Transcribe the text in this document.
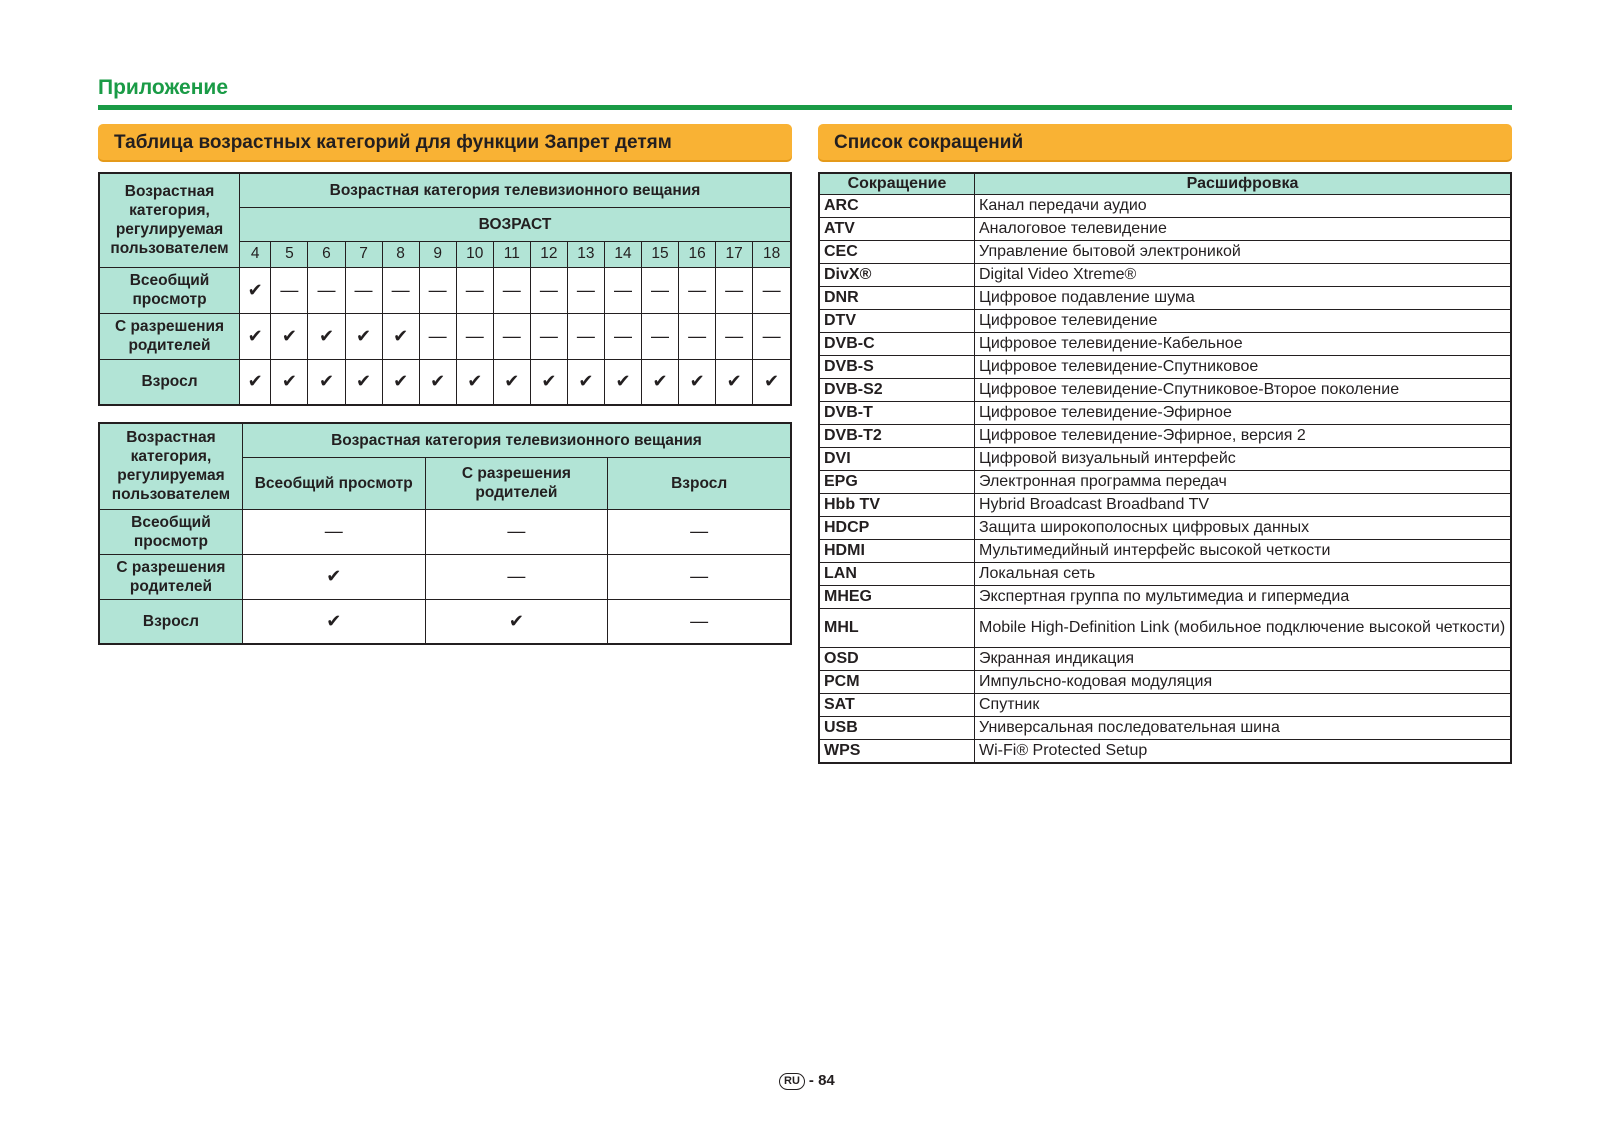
Приложение
Таблица возрастных категорий для функции Запрет детям	Список сокращений
Возрастная категория, регулируемая пользователем	Возрастная категория телевизионного вещания														
	ВОЗРАСТ														
	4	5	6	7	8	9	10	11	12	13	14	15	16	17	18
Всеобщий просмотр	✔	—	—	—	—	—	—	—	—	—	—	—	—	—	—
С разрешения родителей	✔	✔	✔	✔	✔	—	—	—	—	—	—	—	—	—	—
Взросл	✔	✔	✔	✔	✔	✔	✔	✔	✔	✔	✔	✔	✔	✔	✔
Возрастная категория, регулируемая пользователем	Возрастная категория телевизионного вещания		
	Всеобщий просмотр	С разрешения родителей	Взросл
Всеобщий просмотр	—	—	—
С разрешения родителей	✔	—	—
Взросл	✔	✔	—
Сокращение	Расшифровка
ARC	Канал передачи аудио
ATV	Аналоговое телевидение
CEC	Управление бытовой электроникой
DivX®	Digital Video Xtreme®
DNR	Цифровое подавление шума
DTV	Цифровое телевидение
DVB-C	Цифровое телевидение-Кабельное
DVB-S	Цифровое телевидение-Спутниковое
DVB-S2	Цифровое телевидение-Спутниковое-Второе поколение
DVB-T	Цифровое телевидение-Эфирное
DVB-T2	Цифровое телевидение-Эфирное, версия 2
DVI	Цифровой визуальный интерфейс
EPG	Электронная программа передач
Hbb TV	Hybrid Broadcast Broadband TV
HDCP	Защита широкополосных цифровых данных
HDMI	Мультимедийный интерфейс высокой четкости
LAN	Локальная сеть
MHEG	Экспертная группа по мультимедиа и гипермедиа
MHL	Mobile High-Definition Link (мобильное подключение высокой четкости)
OSD	Экранная индикация
PCM	Импульсно-кодовая модуляция
SAT	Спутник
USB	Универсальная последовательная шина
WPS	Wi-Fi® Protected Setup
RU - 84
